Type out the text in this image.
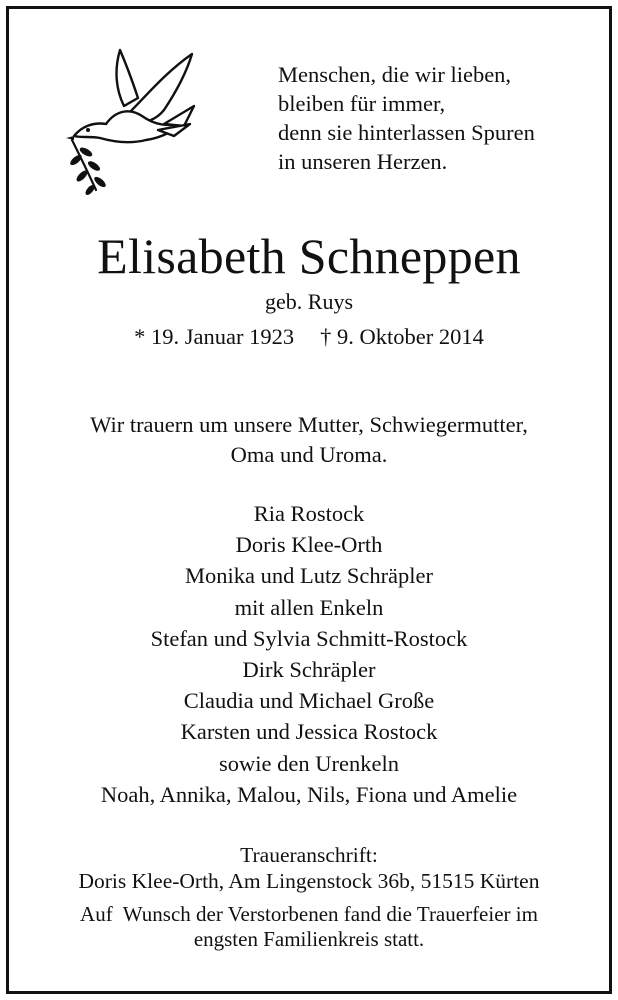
Menschen, die wir lieben,
bleiben für immer,
denn sie hinterlassen Spuren
in unseren Herzen.
Elisabeth Schneppen
geb. Ruys
* 19. Januar 1923 † 9. Oktober 2014
Wir trauern um unsere Mutter, Schwiegermutter,
Oma und Uroma.
Ria Rostock
Doris Klee-Orth
Monika und Lutz Schräpler
mit allen Enkeln
Stefan und Sylvia Schmitt-Rostock
Dirk Schräpler
Claudia und Michael Große
Karsten und Jessica Rostock
sowie den Urenkeln
Noah, Annika, Malou, Nils, Fiona und Amelie
Traueranschrift:
Doris Klee-Orth, Am Lingenstock 36b, 51515 Kürten
Auf  Wunsch der Verstorbenen fand die Trauerfeier im
engsten Familienkreis statt.
